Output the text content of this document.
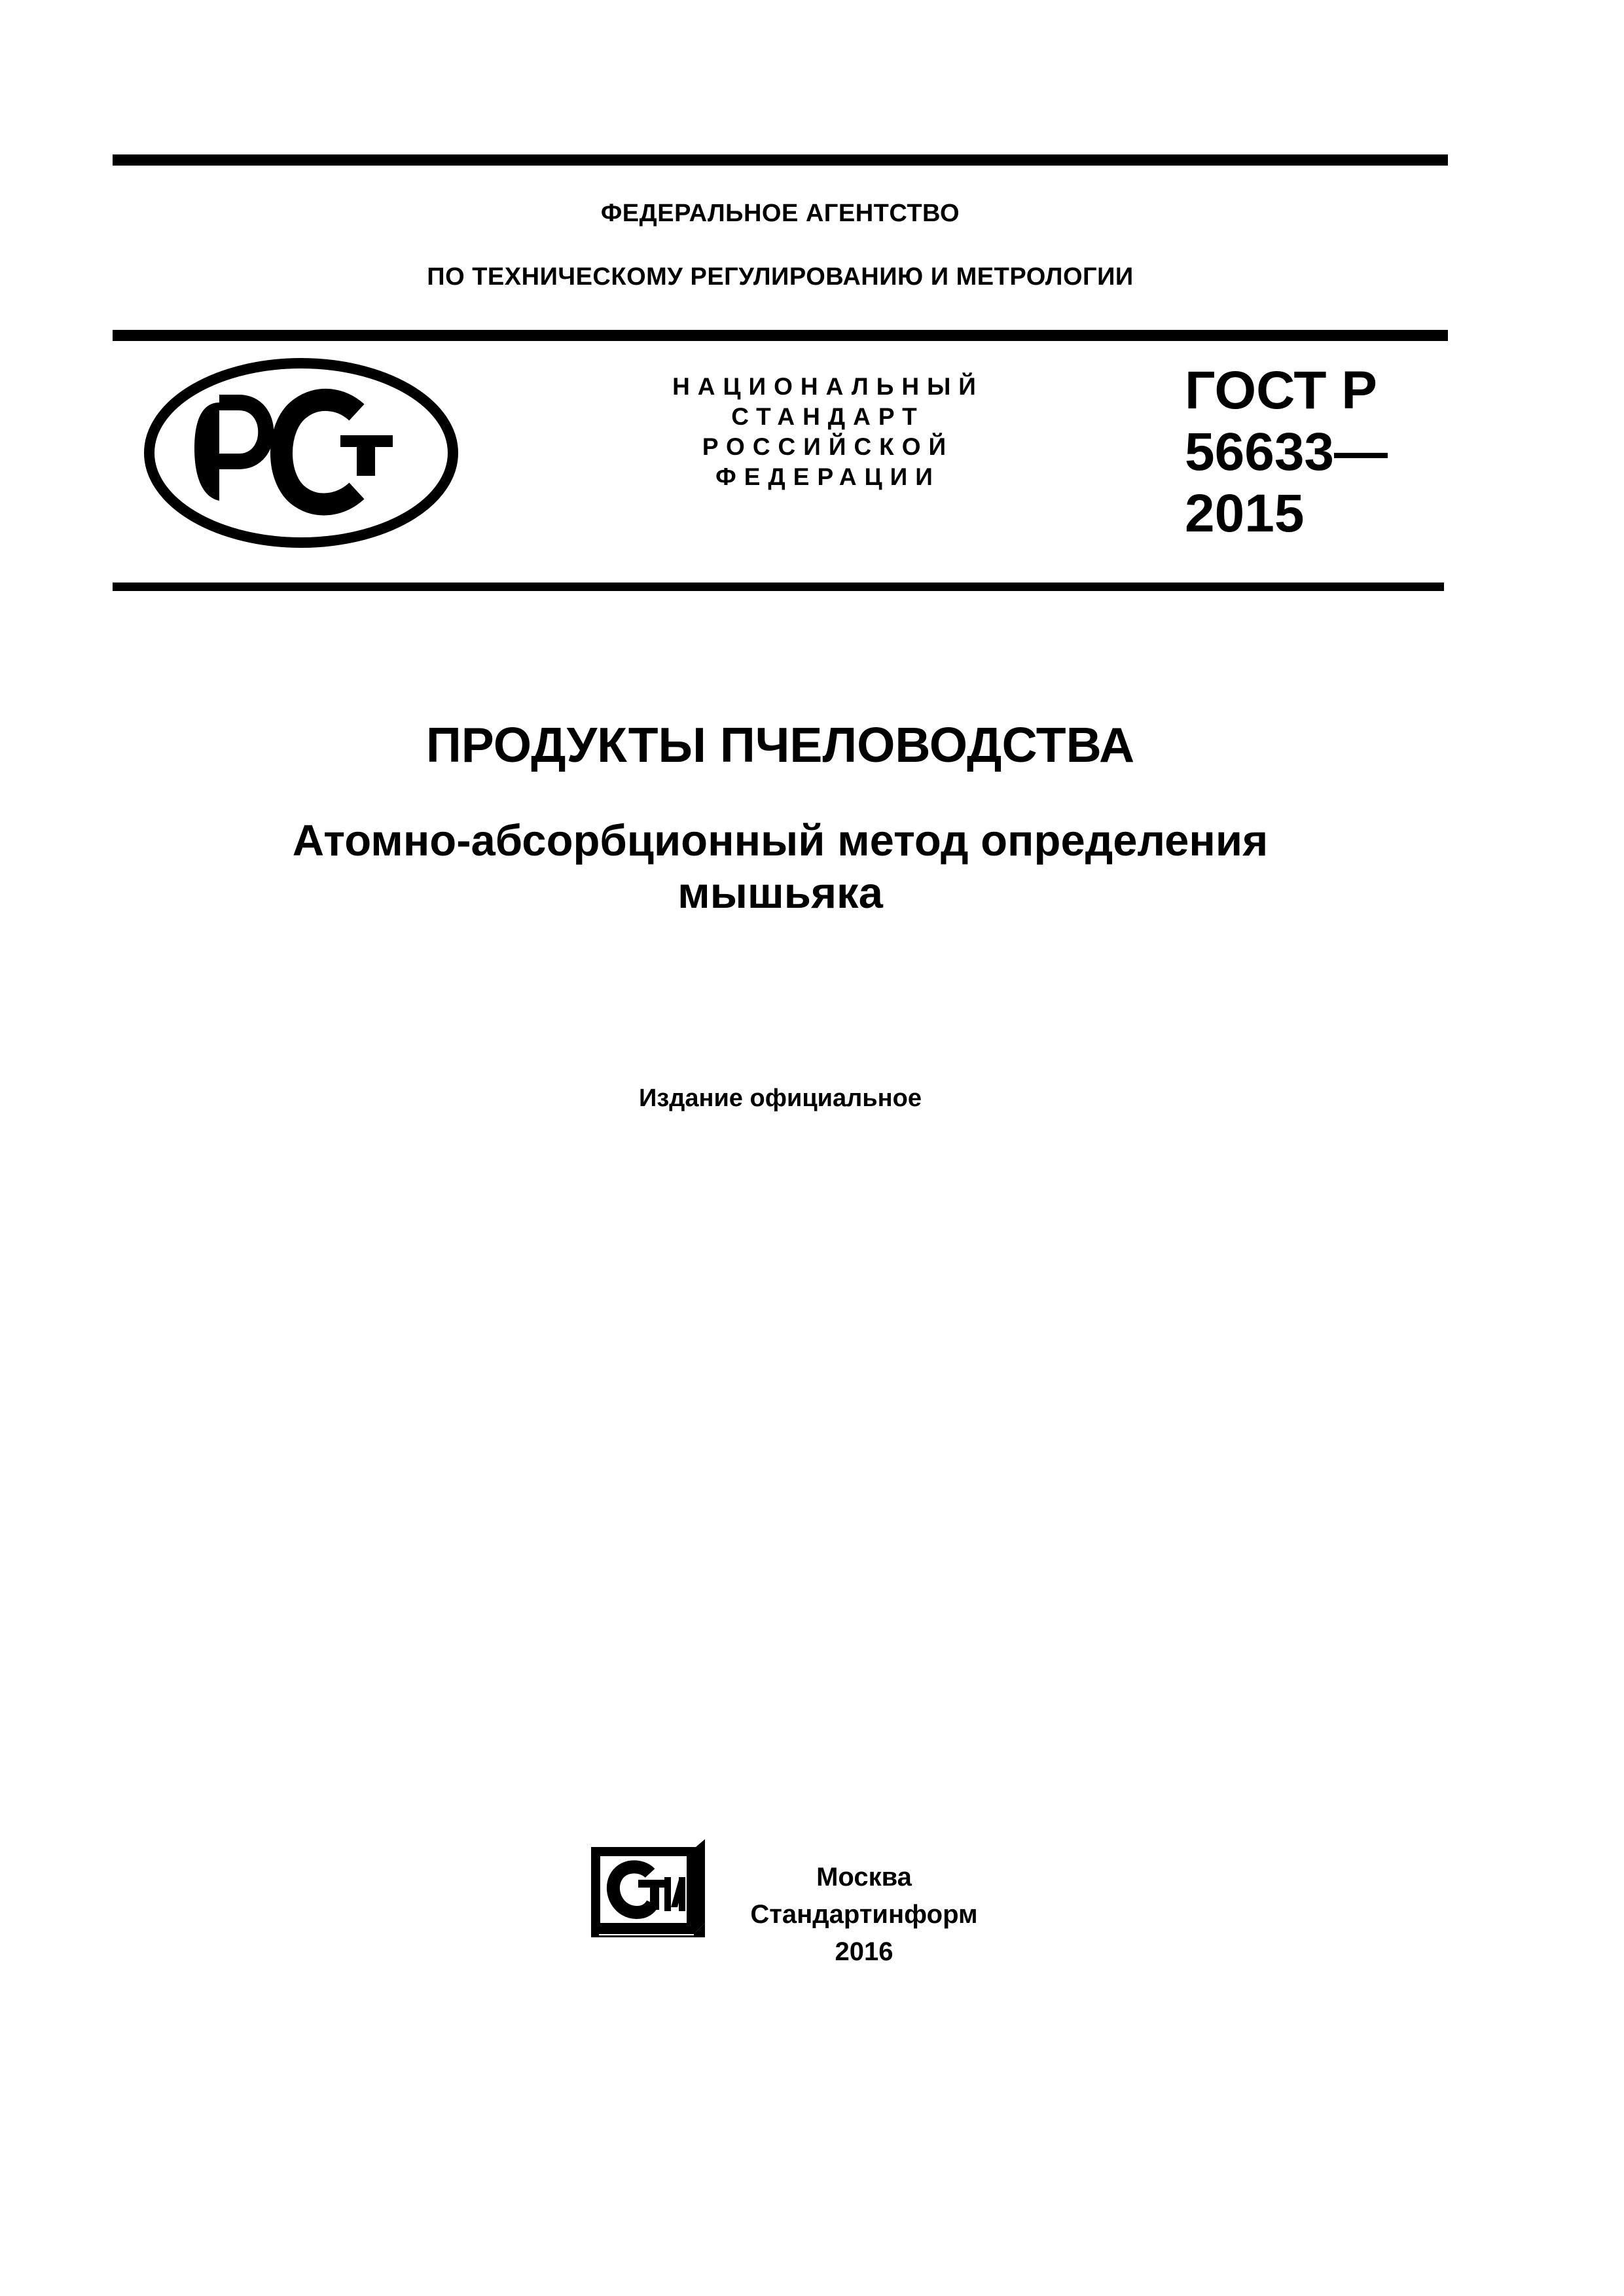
ФЕДЕРАЛЬНОЕ АГЕНТСТВО
ПО ТЕХНИЧЕСКОМУ РЕГУЛИРОВАНИЮ И МЕТРОЛОГИИ
НАЦИОНАЛЬНЫЙ
СТАНДАРТ
РОССИЙСКОЙ
ФЕДЕРАЦИИ
ГОСТ Р
56633—
2015
ПРОДУКТЫ ПЧЕЛОВОДСТВА
Атомно-абсорбционный метод определения
мышьяка
Издание официальное
Москва
Стандартинформ
2016
